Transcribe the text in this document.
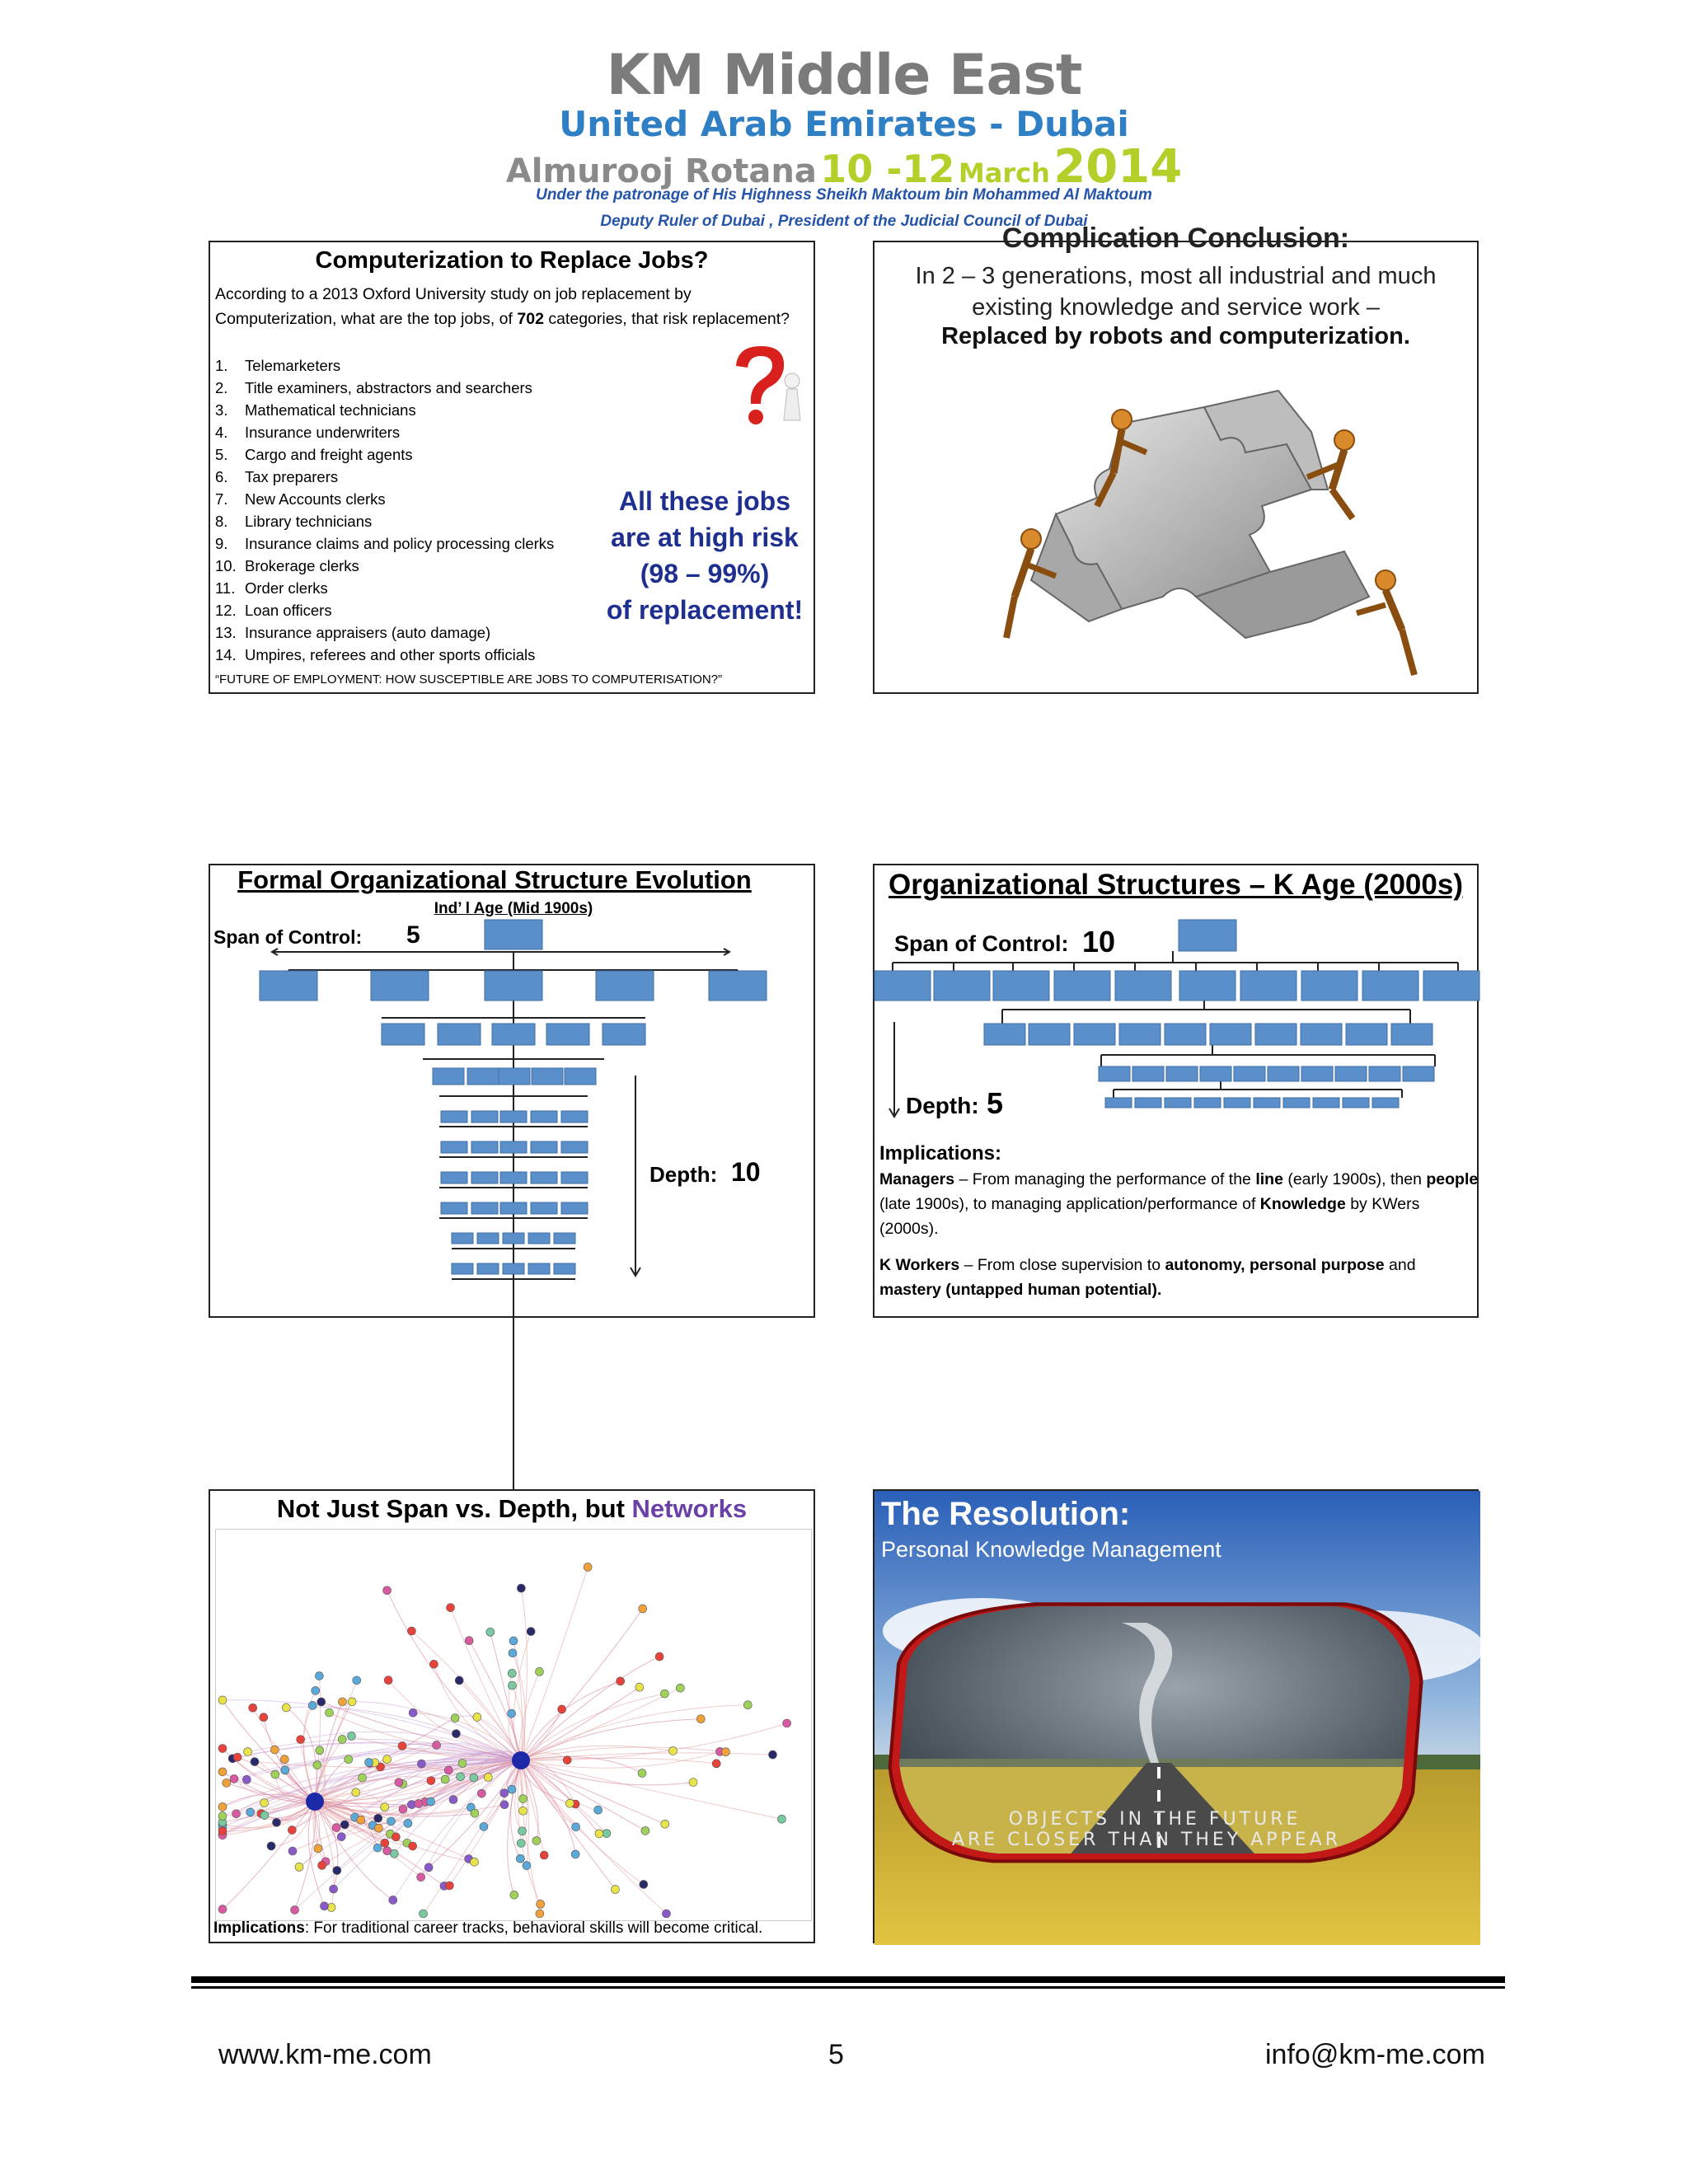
KM Middle East
United Arab Emirates - Dubai
Almurooj Rotana 10 -12 March 2014
Under the patronage of His Highness Sheikh Maktoum bin Mohammed Al Maktoum
Deputy Ruler of Dubai , President of the Judicial Council of Dubai
Computerization to Replace Jobs?
According to a 2013 Oxford University study on job replacement by Computerization, what are the top jobs, of 702 categories, that risk replacement?
1. Telemarketers
2. Title examiners, abstractors and searchers
3. Mathematical technicians
4. Insurance underwriters
5. Cargo and freight agents
6. Tax preparers
7. New Accounts clerks
8. Library technicians
9. Insurance claims and policy processing clerks
10. Brokerage clerks
11. Order clerks
12. Loan officers
13. Insurance appraisers (auto damage)
14. Umpires, referees and other sports officials
All these jobs
are at high risk
(98 – 99%)
of replacement!
“FUTURE OF EMPLOYMENT: HOW SUSCEPTIBLE ARE JOBS TO COMPUTERISATION?”
Complication Conclusion:
In 2 – 3 generations, most all industrial and much existing knowledge and service work –
Replaced by robots and computerization.
Formal Organizational Structure Evolution
Ind’ l Age (Mid 1900s)
Span of Control: 5
Depth: 10
Organizational Structures – K Age (2000s)
Span of Control: 10
Depth: 5
Implications:
Managers – From managing the performance of the line (early 1900s), then people (late 1900s), to managing application/performance of Knowledge by KWers (2000s).
K Workers – From close supervision to autonomy, personal purpose and mastery (untapped human potential).
Not Just Span vs. Depth, but Networks
Implications: For traditional career tracks, behavioral skills will become critical.
OBJECTS IN THE FUTURE
ARE CLOSER THAN THEY APPEAR
The Resolution:
Personal Knowledge Management
www.km-me.com	5	info@km-me.com
